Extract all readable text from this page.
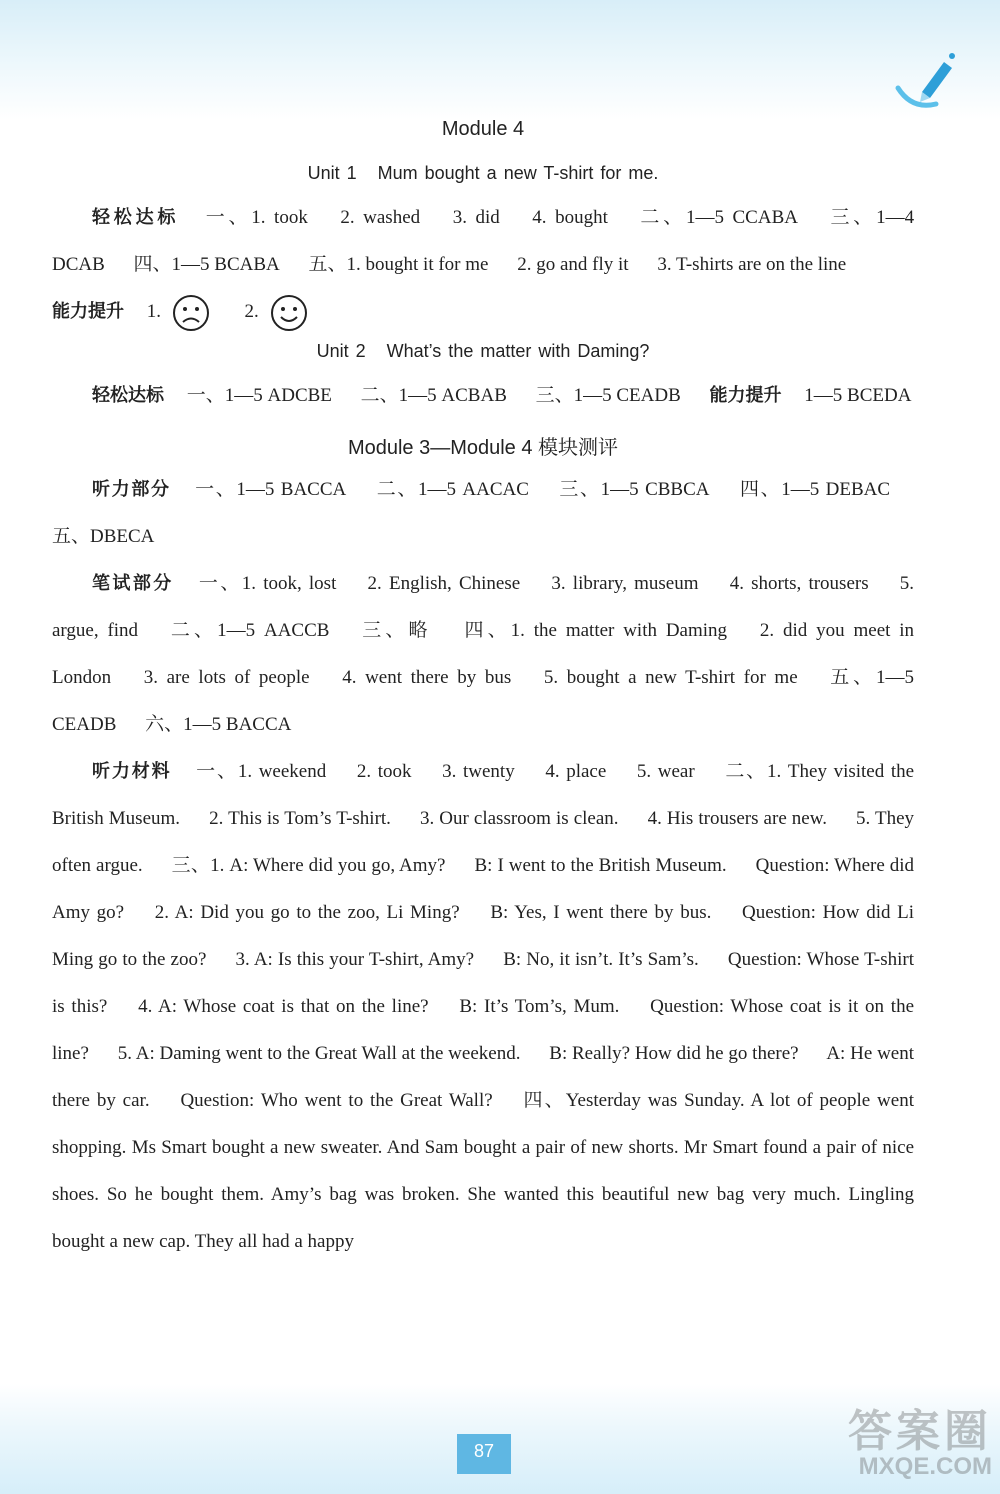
Module 4
Unit 1 Mum bought a new T-shirt for me.

轻松达标 一、1. took 2. washed 3. did 4. bought 二、1—5 CCABA 三、1—4 DCAB 四、1—5 BCABA 五、1. bought it for me 2. go and fly it 3. T-shirts are on the line

能力提升 1.	2.

Unit 2 What’s the matter with Daming?

轻松达标 一、1—5 ADCBE 二、1—5 ACBAB 三、1—5 CEADB 能力提升 1—5 BCEDA

Module 3—Module 4 模块测评

听力部分 一、1—5 BACCA 二、1—5 AACAC 三、1—5 CBBCA 四、1—5 DEBAC 五、DBECA

笔试部分 一、1. took, lost 2. English, Chinese 3. library, museum 4. shorts, trousers 5. argue, find 二、1—5 AACCB 三、略 四、1. the matter with Daming 2. did you meet in London 3. are lots of people 4. went there by bus 5. bought a new T-shirt for me 五、1—5 CEADB 六、1—5 BACCA

听力材料 一、1. weekend 2. took 3. twenty 4. place 5. wear 二、1. They visited the British Museum. 2. This is Tom’s T-shirt. 3. Our classroom is clean. 4. His trousers are new. 5. They often argue. 三、1. A: Where did you go, Amy? B: I went to the British Museum. Question: Where did Amy go? 2. A: Did you go to the zoo, Li Ming? B: Yes, I went there by bus. Question: How did Li Ming go to the zoo? 3. A: Is this your T-shirt, Amy? B: No, it isn’t. It’s Sam’s. Question: Whose T-shirt is this? 4. A: Whose coat is that on the line? B: It’s Tom’s, Mum. Question: Whose coat is it on the line? 5. A: Daming went to the Great Wall at the weekend. B: Really? How did he go there? A: He went there by car. Question: Who went to the Great Wall? 四、Yesterday was Sunday. A lot of people went shopping. Ms Smart bought a new sweater. And Sam bought a pair of new shorts. Mr Smart found a pair of nice shoes. So he bought them. Amy’s bag was broken. She wanted this beautiful new bag very much. Lingling bought a new cap. They all had a happy

87	答案圈
MXQE.COM
